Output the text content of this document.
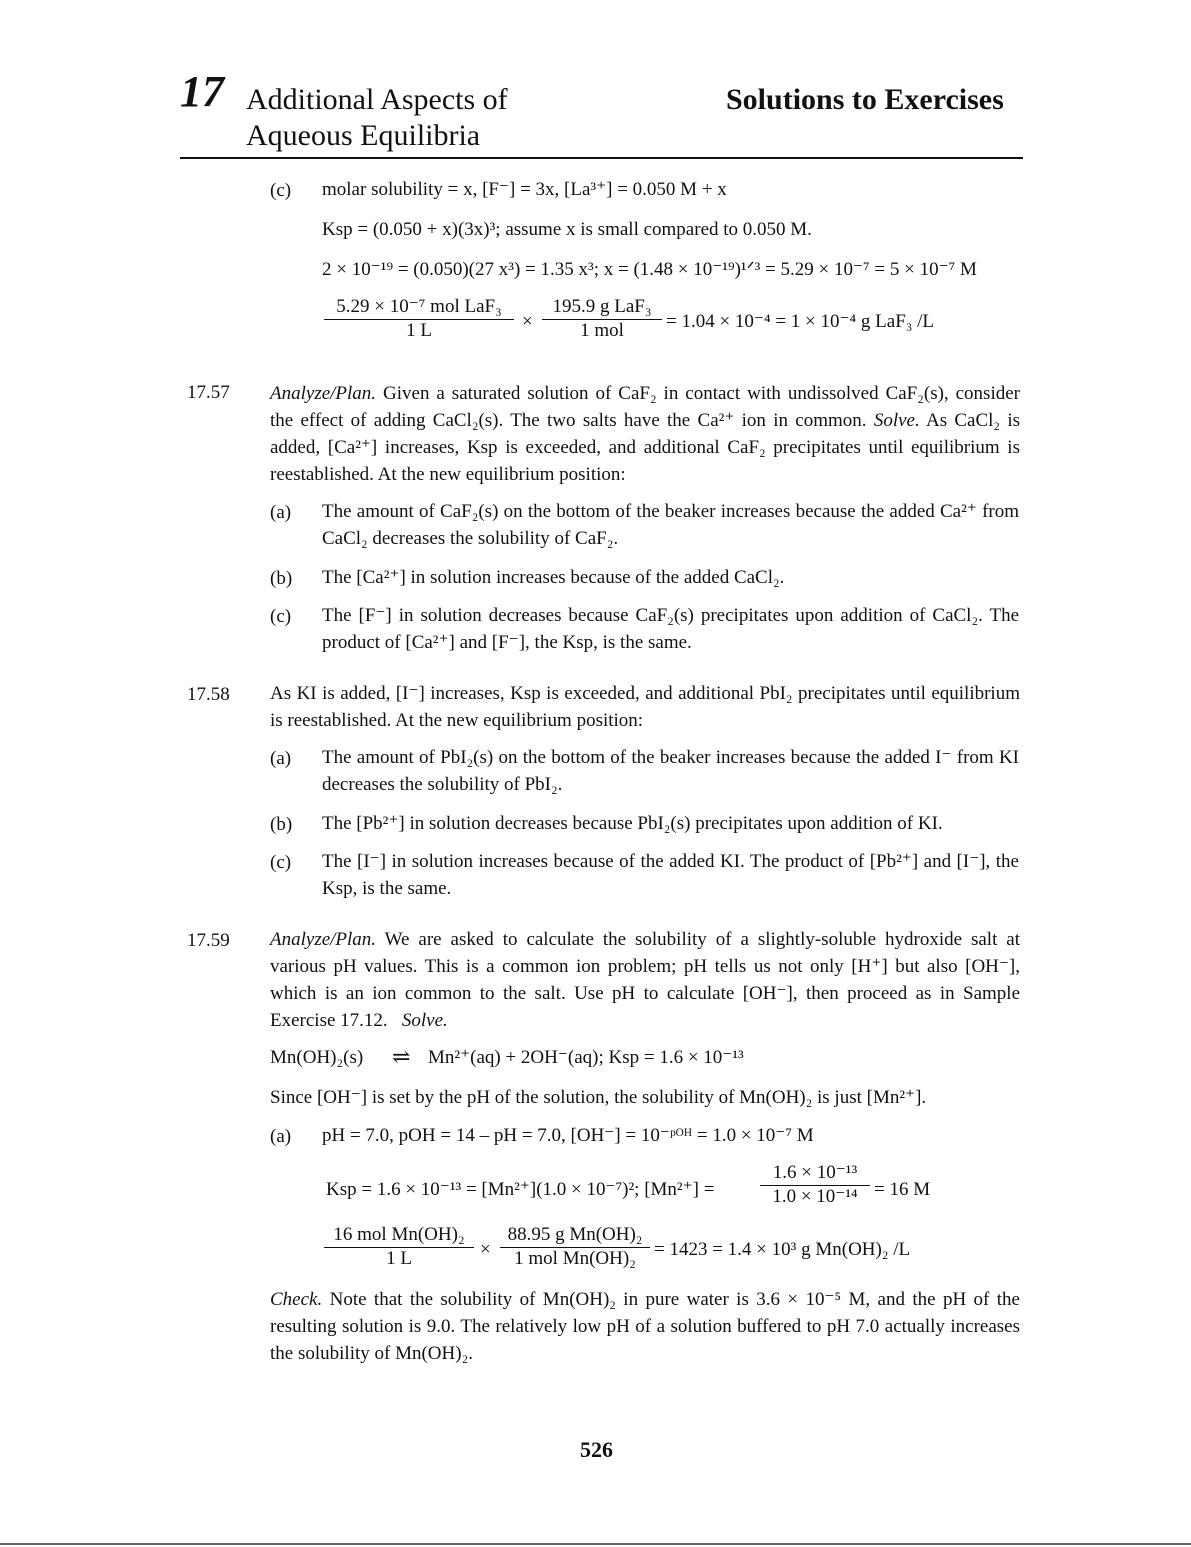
17 Additional Aspects of
Aqueous Equilibria
Solutions to Exercises
(c) molar solubility = x, [F⁻] = 3x, [La³⁺] = 0.050 M + x
Ksp = (0.050 + x)(3x)³; assume x is small compared to 0.050 M.
2 × 10⁻¹⁹ = (0.050)(27 x³) = 1.35 x³; x = (1.48 × 10⁻¹⁹)¹ᐟ³ = 5.29 × 10⁻⁷ = 5 × 10⁻⁷ M
5.29 × 10⁻⁷ mol LaF₃
1 L	×
195.9 g LaF₃
1 mol	= 1.04 × 10⁻⁴ = 1 × 10⁻⁴ g LaF₃ /L
17.57 Analyze/Plan. Given a saturated solution of CaF₂ in contact with undissolved CaF₂(s), consider the effect of adding CaCl₂(s). The two salts have the Ca²⁺ ion in common. Solve. As CaCl₂ is added, [Ca²⁺] increases, Ksp is exceeded, and additional CaF₂ precipitates until equilibrium is reestablished. At the new equilibrium position:
(a) The amount of CaF₂(s) on the bottom of the beaker increases because the added Ca²⁺ from CaCl₂ decreases the solubility of CaF₂.
(b) The [Ca²⁺] in solution increases because of the added CaCl₂.
(c) The [F⁻] in solution decreases because CaF₂(s) precipitates upon addition of CaCl₂. The product of [Ca²⁺] and [F⁻], the Ksp, is the same.
17.58 As KI is added, [I⁻] increases, Ksp is exceeded, and additional PbI₂ precipitates until equilibrium is reestablished. At the new equilibrium position:
(a) The amount of PbI₂(s) on the bottom of the beaker increases because the added I⁻ from KI decreases the solubility of PbI₂.
(b) The [Pb²⁺] in solution decreases because PbI₂(s) precipitates upon addition of KI.
(c) The [I⁻] in solution increases because of the added KI. The product of [Pb²⁺] and [I⁻], the Ksp, is the same.
17.59 Analyze/Plan. We are asked to calculate the solubility of a slightly-soluble hydroxide salt at various pH values. This is a common ion problem; pH tells us not only [H⁺] but also [OH⁻], which is an ion common to the salt. Use pH to calculate [OH⁻], then proceed as in Sample Exercise 17.12. Solve.
Mn(OH)₂(s) ⇌ Mn²⁺(aq) + 2OH⁻(aq); Ksp = 1.6 × 10⁻¹³
Since [OH⁻] is set by the pH of the solution, the solubility of Mn(OH)₂ is just [Mn²⁺].
(a) pH = 7.0, pOH = 14 – pH = 7.0, [OH⁻] = 10⁻ᵖᴼᴴ = 1.0 × 10⁻⁷ M
Ksp = 1.6 × 10⁻¹³ = [Mn²⁺](1.0 × 10⁻⁷)²; $[Mn^{2+}] = \frac{\text{1.6 × 10⁻¹³}}{\text{1.0 × 10⁻¹⁴}} = 16$ M
16 mol Mn(OH)₂
1 L	×
88.95 g Mn(OH)₂
1 mol Mn(OH)₂ = 1423 = 1.4 × 10³ g Mn(OH)₂ /L
Check. Note that the solubility of Mn(OH)₂ in pure water is 3.6 × 10⁻⁵ M, and the pH of the resulting solution is 9.0. The relatively low pH of a solution buffered to pH 7.0 actually increases the solubility of Mn(OH)₂.
526
